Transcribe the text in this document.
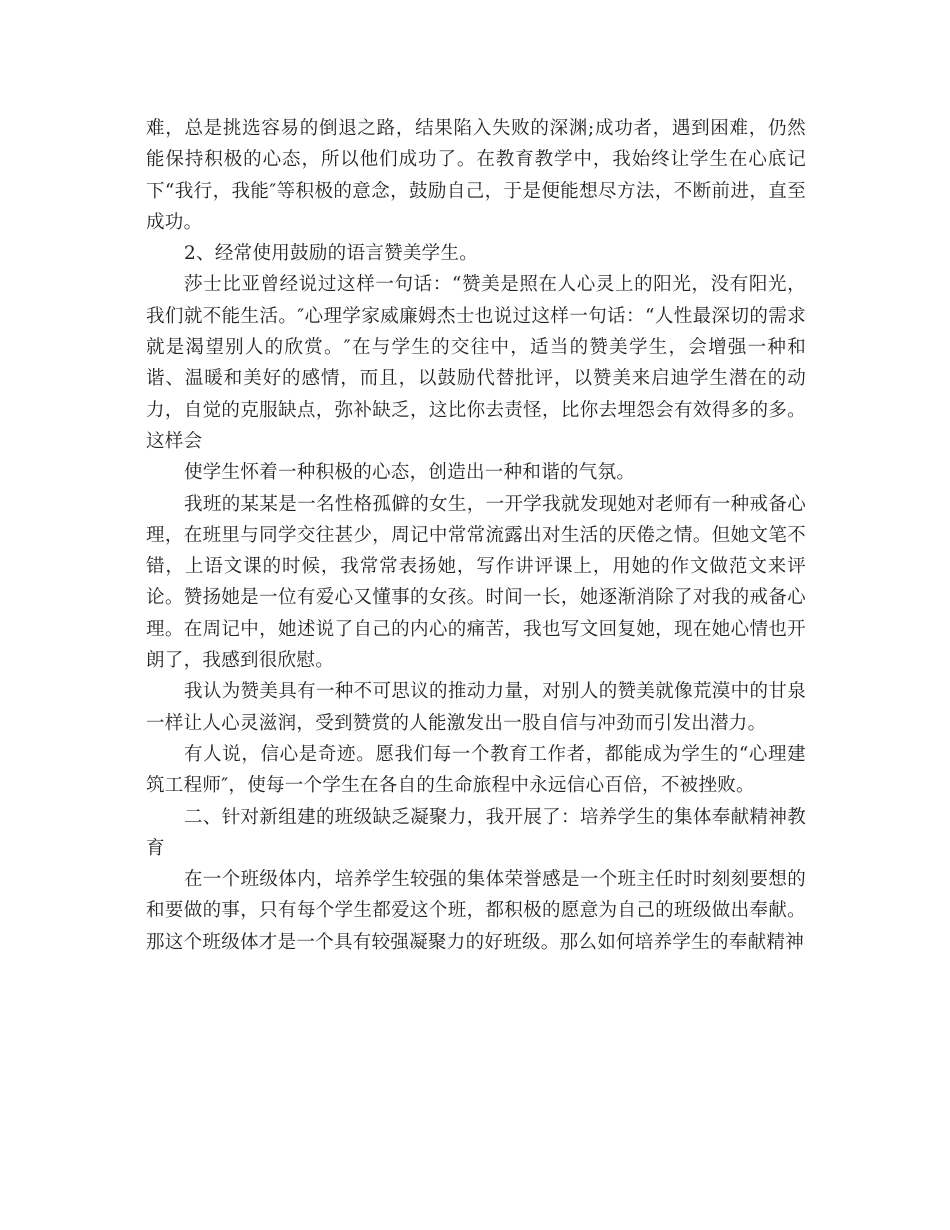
难，总是挑选容易的倒退之路，结果陷入失败的深渊;成功者，遇到困难，仍然能保持积极的心态，所以他们成功了。在教育教学中，我始终让学生在心底记下“我行，我能″等积极的意念，鼓励自己，于是便能想尽方法，不断前进，直至成功。

2、经常使用鼓励的语言赞美学生。

莎士比亚曾经说过这样一句话：“赞美是照在人心灵上的阳光，没有阳光，我们就不能生活。″心理学家威廉姆杰士也说过这样一句话：“人性最深切的需求就是渴望别人的欣赏。″在与学生的交往中，适当的赞美学生，会增强一种和谐、温暖和美好的感情，而且，以鼓励代替批评，以赞美来启迪学生潜在的动力，自觉的克服缺点，弥补缺乏，这比你去责怪，比你去埋怨会有效得多的多。这样会

使学生怀着一种积极的心态，创造出一种和谐的气氛。

我班的某某是一名性格孤僻的女生，一开学我就发现她对老师有一种戒备心理，在班里与同学交往甚少，周记中常常流露出对生活的厌倦之情。但她文笔不错，上语文课的时候，我常常表扬她，写作讲评课上，用她的作文做范文来评论。赞扬她是一位有爱心又懂事的女孩。时间一长，她逐渐消除了对我的戒备心理。在周记中，她述说了自己的内心的痛苦，我也写文回复她，现在她心情也开朗了，我感到很欣慰。

我认为赞美具有一种不可思议的推动力量，对别人的赞美就像荒漠中的甘泉一样让人心灵滋润，受到赞赏的人能激发出一股自信与冲劲而引发出潜力。

有人说，信心是奇迹。愿我们每一个教育工作者，都能成为学生的“心理建筑工程师″，使每一个学生在各自的生命旅程中永远信心百倍，不被挫败。

二、针对新组建的班级缺乏凝聚力，我开展了：培养学生的集体奉献精神教育

在一个班级体内，培养学生较强的集体荣誉感是一个班主任时时刻刻要想的和要做的事，只有每个学生都爱这个班，都积极的愿意为自己的班级做出奉献。那这个班级体才是一个具有较强凝聚力的好班级。那么如何培养学生的奉献精神
